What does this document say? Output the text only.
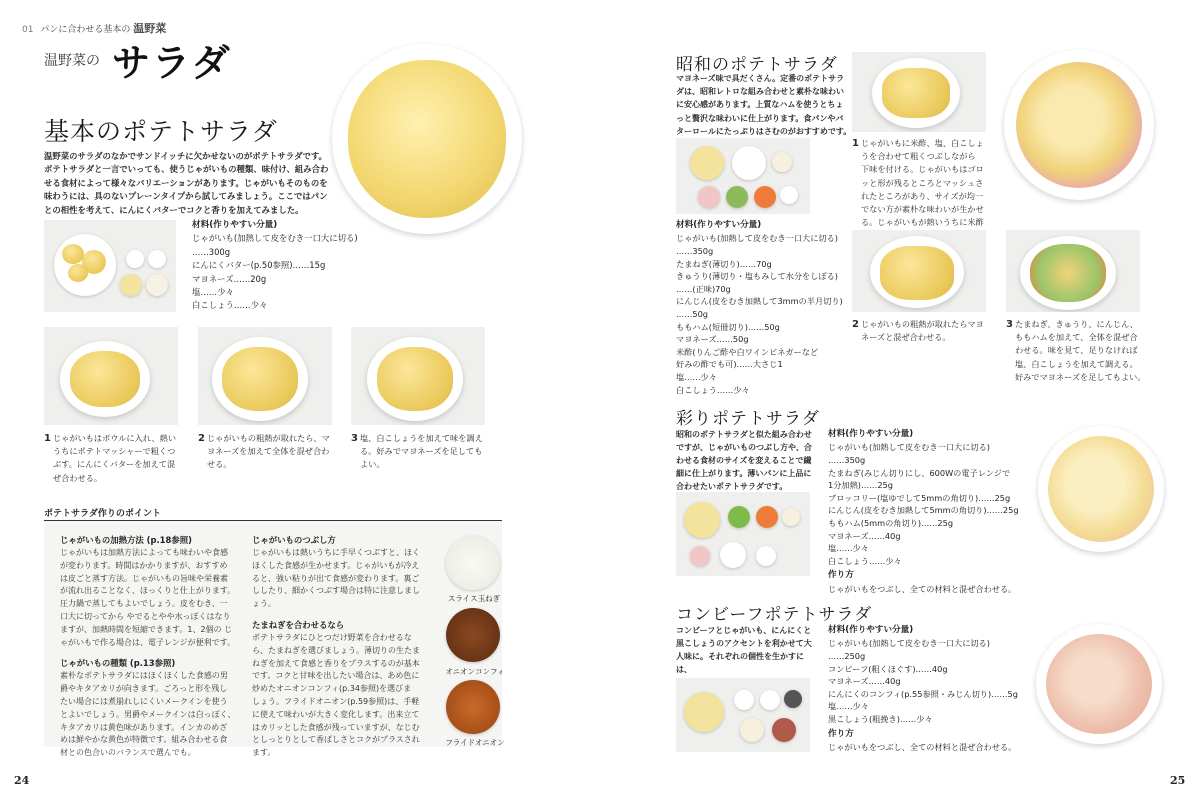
01 パンに合わせる基本の 温野菜
温野菜の サラダ
基本のポテトサラダ
温野菜のサラダのなかでサンドイッチに欠かせないのがポテトサラダです。
ポテトサラダと一言でいっても、使うじゃがいもの種類、味付け、組み合わ
せる食材によって様々なバリエーションがあります。じゃがいもそのものを
味わうには、具のないプレーンタイプから試してみましょう。ここではパン
との相性を考えて、にんにくバターでコクと香りを加えてみました。
材料(作りやすい分量)
じゃがいも(加熱して皮をむき一口大に切る)
……300g
にんにくバター(p.50参照)……15g
マヨネーズ……20g
塩……少々
白こしょう……少々
1 じゃがいもはボウルに入れ、熱い
うちにポテトマッシャーで粗くつ
ぶす。にんにくバターを加えて混
ぜ合わせる。
2 じゃがいもの粗熱が取れたら、マ
ヨネーズを加えて全体を混ぜ合わ
せる。
3 塩、白こしょうを加えて味を調え
る。好みでマヨネーズを足しても
よい。
ポテトサラダ作りのポイント
じゃがいもの加熱方法 (p.18参照)
じゃがいもは加熱方法によっても味わいや食感
が変わります。時間はかかりますが、おすすめ
は皮ごと蒸す方法。じゃがいもの旨味や栄養素
が流れ出ることなく、ほっくりと仕上がります。
圧力鍋で蒸してもよいでしょう。皮をむき、一
口大に切ってから やでるとやや水っぽくはなり
ますが、加熱時間を短縮できます。1、2個の じ
ゃがいもで作る場合は、電子レンジが便利です。
じゃがいもの種類 (p.13参照)
素朴なポテトサラダにはほくほくした食感の男
爵やキタアカリが向きます。ごろっと形を残し
たい場合には煮崩れしにくいメークインを使う
とよいでしょう。男爵やメークインは白っぽく、
キタアカリは黄色味があります。インカのめざ
めは鮮やかな黄色が特徴です。組み合わせる食
材との色合いのバランスで選んでも。
じゃがいものつぶし方
じゃがいもは熱いうちに手早くつぶすと、ほく
ほくした食感が生かせます。じゃがいもが冷え
ると、強い粘りが出て食感が変わります。裏ご
ししたり、細かくつぶす場合は特に注意しまし
ょう。
たまねぎを合わせるなら
ポテトサラダにひとつだけ野菜を合わせるな
ら、たまねぎを選びましょう。薄切りの生たま
ねぎを加えて食感と香りをプラスするのが基本
です。コクと甘味を出したい場合は、あめ色に
炒めたオニオンコンフィ(p.34参照)を選びま
しょう。フライドオニオン(p.59参照)は、手軽
に使えて味わいが大きく変化します。出来立て
はカリッとした食感が残っていますが、なじむ
としっとりとして香ばしさとコクがプラスされ
ます。
スライス玉ねぎ
オニオンコンフィ
フライドオニオン
24
昭和のポテトサラダ
マヨネーズ味で具だくさん。定番のポテトサラ
ダは、昭和レトロな組み合わせと素朴な味わい
に安心感があります。上質なハムを使うとちょ
っと贅沢な味わいに仕上がります。食パンやバ
ターロールにたっぷりはさむのがおすすめです。
材料(作りやすい分量)
じゃがいも(加熱して皮をむき一口大に切る)
……350g
たまねぎ(薄切り)……70g
きゅうり(薄切り・塩もみして水分をしぼる)
……(正味)70g
にんじん(皮をむき加熱して3mmの半月切り)
……50g
ももハム(短冊切り)……50g
マヨネーズ……50g
米酢(りんご酢や白ワインビネガーなど
好みの酢でも可)……大さじ1
塩……少々
白こしょう……少々
1 じゃがいもに米酢、塩、白こしょ
うを合わせて粗くつぶしながら
下味を付ける。じゃがいもはゴロ
ッと形が残るところとマッシュさ
れたところがあり、サイズが均一
でない方が素朴な味わいが生かせ
る。じゃがいもが熱いうちに米酢

2 じゃがいもの粗熱が取れたらマヨ
ネーズと混ぜ合わせる。
3 たまねぎ、きゅうり、にんじん、
ももハムを加えて、全体を混ぜ合
わせる。味を見て、足りなければ
塩、白こしょうを加えて調える。
好みでマヨネーズを足してもよい。
彩りポテトサラダ
昭和のポテトサラダと似た組み合わせ
ですが、じゃがいものつぶし方や、合
わせる食材のサイズを変えることで繊
細に仕上がります。薄いパンに上品に
合わせたいポテトサラダです。
材料(作りやすい分量)
じゃがいも(加熱して皮をむき一口大に切る)
……350g
たまねぎ(みじん切りにし、600Wの電子レンジで
1分加熱)……25g
ブロッコリー(塩ゆでして5mmの角切り)……25g
にんじん(皮をむき加熱して5mmの角切り)……25g
ももハム(5mmの角切り)……25g
マヨネーズ……40g
塩……少々
白こしょう……少々
作り方
じゃがいもをつぶし、全ての材料と混ぜ合わせる。
コンビーフポテトサラダ
コンビーフとじゃがいも、にんにくと
黒こしょうのアクセントを利かせて大
人味に。それぞれの個性を生かすには、

材料(作りやすい分量)
じゃがいも(加熱して皮をむき一口大に切る)
……250g
コンビーフ(粗くほぐす)……40g
マヨネーズ……40g
にんにくのコンフィ(p.55参照・みじん切り)……5g
塩……少々
黒こしょう(粗挽き)……少々
作り方
じゃがいもをつぶし、全ての材料と混ぜ合わせる。
25
